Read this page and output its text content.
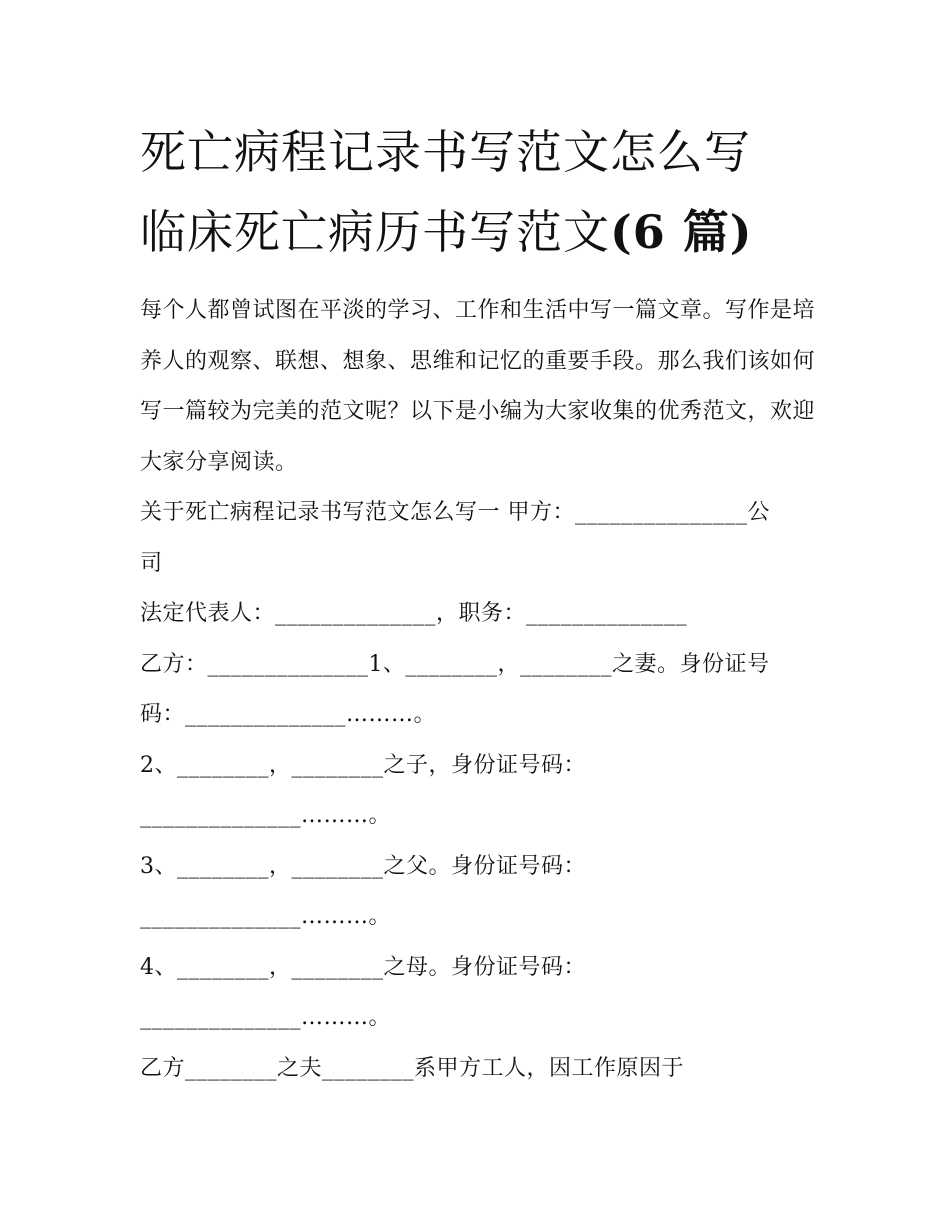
死亡病程记录书写范文怎么写
临床死亡病历书写范文(6 篇)

每个人都曾试图在平淡的学习、工作和生活中写一篇文章。写作是培养人的观察、联想、想象、思维和记忆的重要手段。那么我们该如何写一篇较为完美的范文呢？以下是小编为大家收集的优秀范文，欢迎大家分享阅读。

关于死亡病程记录书写范文怎么写一 甲方：_______________公

司

法定代表人：______________，职务：______________

乙方：______________1、________，________之妻。身份证号

码：______________………。

2、________，________之子，身份证号码：

______________………。

3、________，________之父。身份证号码：

______________………。

4、________，________之母。身份证号码：

______________………。

乙方________之夫________系甲方工人，因工作原因于
